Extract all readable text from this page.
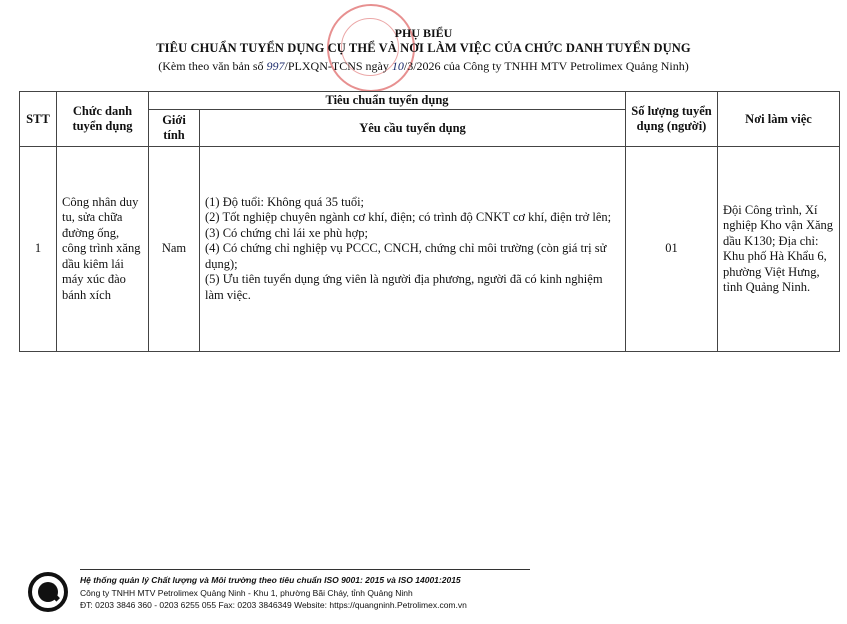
PHỤ BIỂU
TIÊU CHUẨN TUYỂN DỤNG CỤ THỂ VÀ NƠI LÀM VIỆC CỦA CHỨC DANH TUYỂN DỤNG
(Kèm theo văn bản số 997/PLXQN-TCNS ngày 10/3/2026 của Công ty TNHH MTV Petrolimex Quảng Ninh)
STT	Chức danh tuyển dụng	Tiêu chuẩn tuyển dụng		Số lượng tuyển dụng (người)	Nơi làm việc
		Giới tính	Yêu cầu tuyển dụng		
1	Công nhân duy tu, sửa chữa đường ống, công trình xăng dầu kiêm lái máy xúc đào bánh xích	Nam	(1) Độ tuổi: Không quá 35 tuổi;
(2) Tốt nghiệp chuyên ngành cơ khí, điện; có trình độ CNKT cơ khí, điện trở lên;
(3) Có chứng chỉ lái xe phù hợp;
(4) Có chứng chỉ nghiệp vụ PCCC, CNCH, chứng chỉ môi trường (còn giá trị sử dụng);
(5) Ưu tiên tuyển dụng ứng viên là người địa phương, người đã có kinh nghiệm làm việc.	01	Đội Công trình, Xí nghiệp Kho vận Xăng dầu K130; Địa chỉ: Khu phố Hà Khẩu 6, phường Việt Hưng, tỉnh Quảng Ninh.
Hệ thống quản lý Chất lượng và Môi trường theo tiêu chuẩn ISO 9001: 2015 và ISO 14001:2015
Công ty TNHH MTV Petrolimex Quảng Ninh - Khu 1, phường Bãi Cháy, tỉnh Quảng Ninh
ĐT: 0203 3846 360 - 0203 6255 055 Fax: 0203 3846349 Website: https://quangninh.Petrolimex.com.vn
